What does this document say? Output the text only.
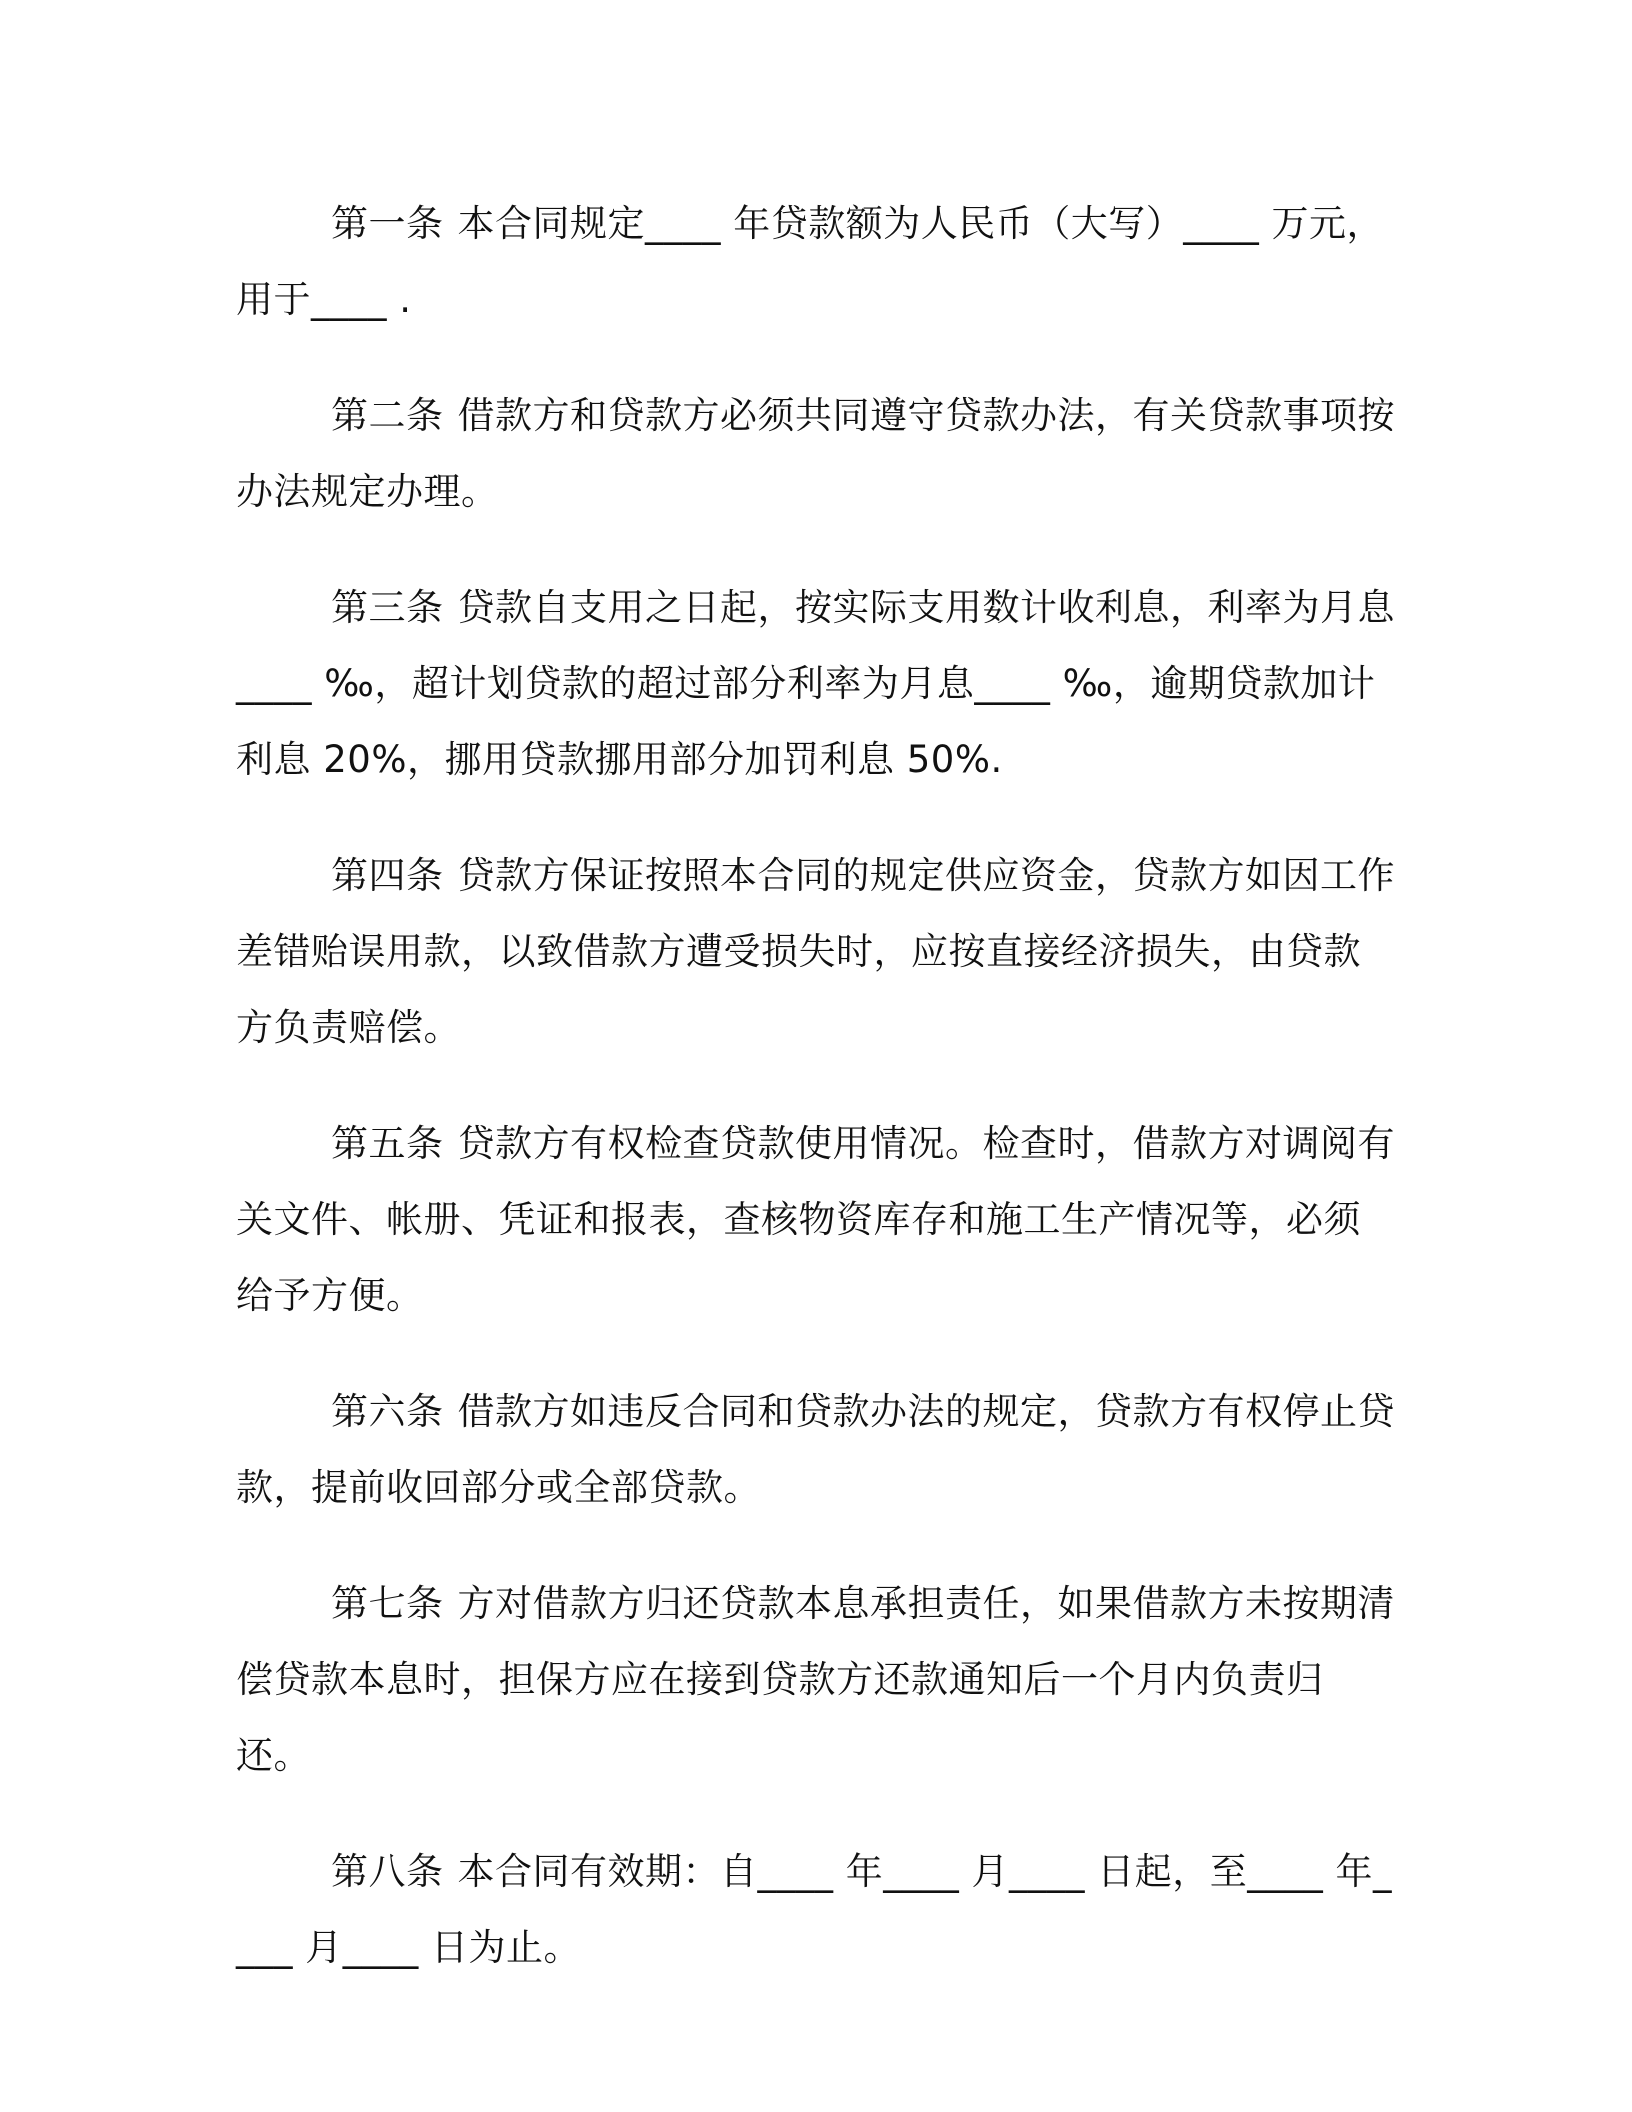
第一条 本合同规定____ 年贷款额为人民币（大写）____ 万元，用于____ .

第二条 借款方和贷款方必须共同遵守贷款办法，有关贷款事项按办法规定办理。

第三条 贷款自支用之日起，按实际支用数计收利息，利率为月息____ ‰，超计划贷款的超过部分利率为月息____ ‰，逾期贷款加计利息 20%，挪用贷款挪用部分加罚利息 50%.

第四条 贷款方保证按照本合同的规定供应资金，贷款方如因工作差错贻误用款，以致借款方遭受损失时，应按直接经济损失，由贷款方负责赔偿。

第五条 贷款方有权检查贷款使用情况。检查时，借款方对调阅有关文件、帐册、凭证和报表，查核物资库存和施工生产情况等，必须给予方便。

第六条 借款方如违反合同和贷款办法的规定，贷款方有权停止贷款，提前收回部分或全部贷款。

第七条 方对借款方归还贷款本息承担责任，如果借款方未按期清偿贷款本息时，担保方应在接到贷款方还款通知后一个月内负责归还。

第八条 本合同有效期：自____ 年____ 月____ 日起，至____ 年____ 月____ 日为止。
